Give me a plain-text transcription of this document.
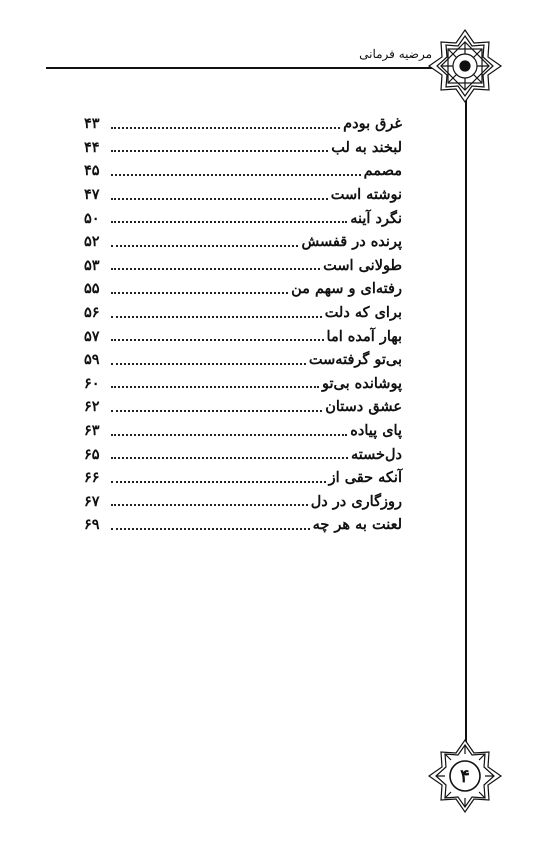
مرضیه فرمانی
۴
غرق بودم
۴۳
لبخند به لب
۴۴
مصمم
۴۵
نوشته است
۴۷
نگرد آینه
۵۰
پرنده در قفسش
۵۲
طولانی است
۵۳
رفته‌ای و سهم من
۵۵
برای که دلت
۵۶
بهار آمده اما
۵۷
بی‌تو گرفته‌ست
۵۹
پوشانده بی‌تو
۶۰
عشق دستان
۶۲
پای پیاده
۶۳
دل‌خسته
۶۵
آنکه حقی از
۶۶
روزگاری در دل
۶۷
لعنت به هر چه
۶۹
